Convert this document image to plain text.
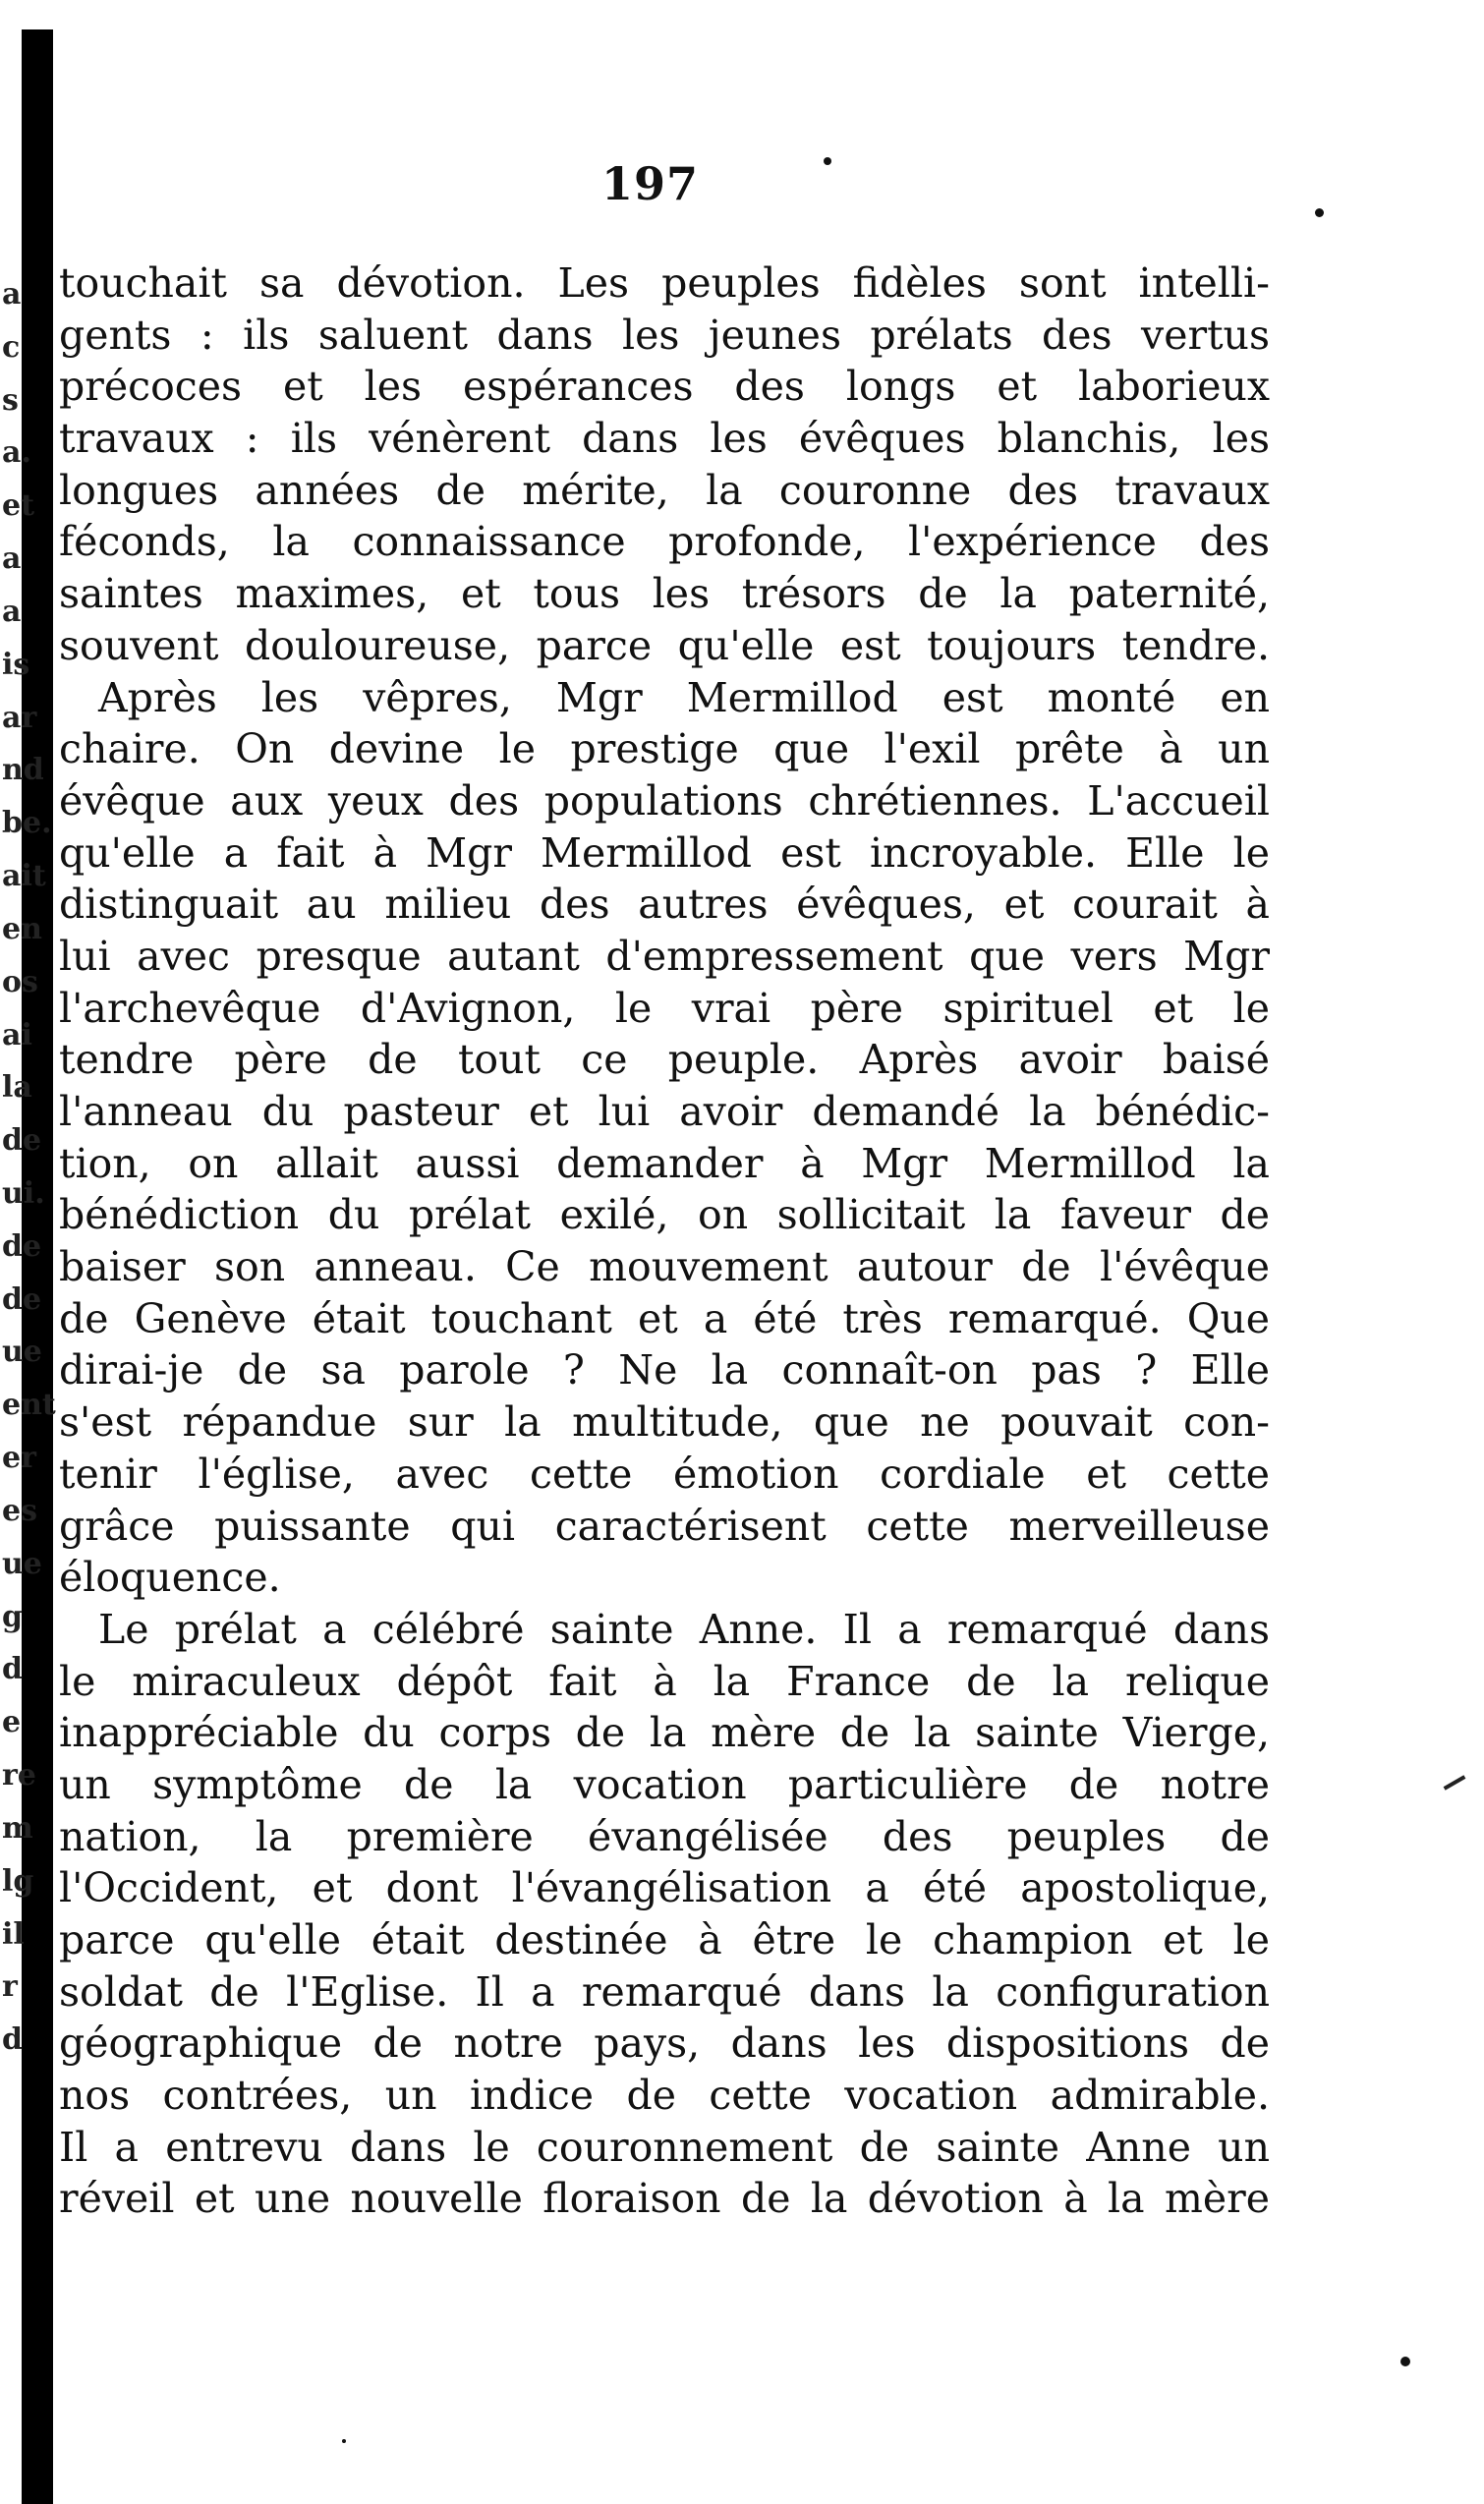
a
c
s
a.
et
a
a
is
ar
nd
be.
ait
en
os
ai
la
de
ui.
de
de
ue
ent
er
es
ue
g
d
e
re
m
lg
il
r
d
197
touchait sa dévotion. Les peuples fidèles sont intelli-
gents : ils saluent dans les jeunes prélats des vertus
précoces et les espérances des longs et laborieux
travaux : ils vénèrent dans les évêques blanchis, les
longues années de mérite, la couronne des travaux
féconds, la connaissance profonde, l'expérience des
saintes maximes, et tous les trésors de la paternité,
souvent douloureuse, parce qu'elle est toujours tendre.
Après les vêpres, Mgr Mermillod est monté en
chaire. On devine le prestige que l'exil prête à un
évêque aux yeux des populations chrétiennes. L'accueil
qu'elle a fait à Mgr Mermillod est incroyable. Elle le
distinguait au milieu des autres évêques, et courait à
lui avec presque autant d'empressement que vers Mgr
l'archevêque d'Avignon, le vrai père spirituel et le
tendre père de tout ce peuple. Après avoir baisé
l'anneau du pasteur et lui avoir demandé la bénédic-
tion, on allait aussi demander à Mgr Mermillod la
bénédiction du prélat exilé, on sollicitait la faveur de
baiser son anneau. Ce mouvement autour de l'évêque
de Genève était touchant et a été très remarqué. Que
dirai-je de sa parole ? Ne la connaît-on pas ? Elle
s'est répandue sur la multitude, que ne pouvait con-
tenir l'église, avec cette émotion cordiale et cette
grâce puissante qui caractérisent cette merveilleuse
éloquence.
Le prélat a célébré sainte Anne. Il a remarqué dans
le miraculeux dépôt fait à la France de la relique
inappréciable du corps de la mère de la sainte Vierge,
un symptôme de la vocation particulière de notre
nation, la première évangélisée des peuples de
l'Occident, et dont l'évangélisation a été apostolique,
parce qu'elle était destinée à être le champion et le
soldat de l'Eglise. Il a remarqué dans la configuration
géographique de notre pays, dans les dispositions de
nos contrées, un indice de cette vocation admirable.
Il a entrevu dans le couronnement de sainte Anne un
réveil et une nouvelle floraison de la dévotion à la mère
